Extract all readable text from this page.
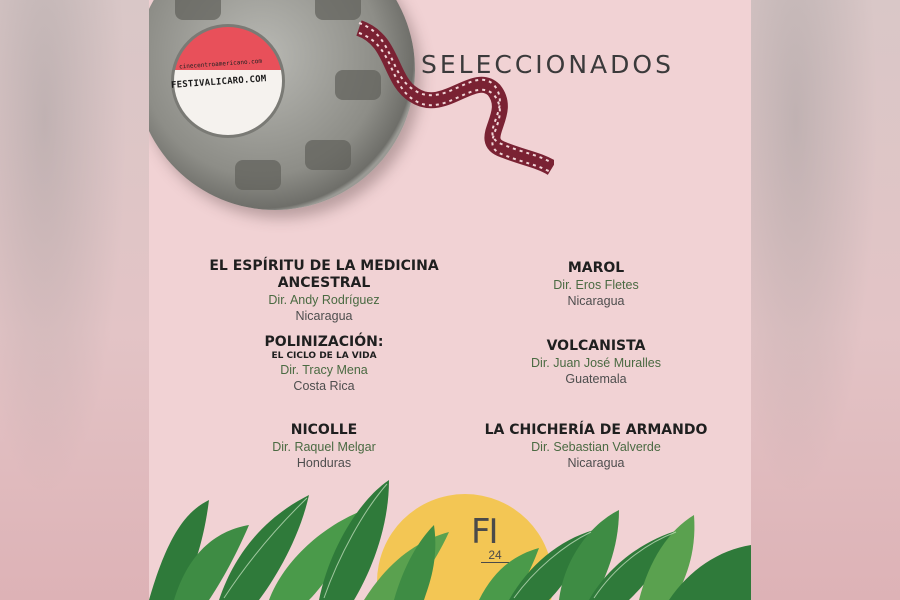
cinecentroamericano.com
FESTIVALICARO.COM
SELECCIONADOS
EL ESPÍRITU DE LA MEDICINA ANCESTRAL
Dir. Andy Rodríguez
Nicaragua
POLINIZACIÓN:
EL CICLO DE LA VIDA
Dir. Tracy Mena
Costa Rica
NICOLLE
Dir. Raquel Melgar
Honduras
MAROL
Dir. Eros Fletes
Nicaragua
VOLCANISTA
Dir. Juan José Muralles
Guatemala
LA CHICHERÍA DE ARMANDO
Dir. Sebastian Valverde
Nicaragua
FI
24
